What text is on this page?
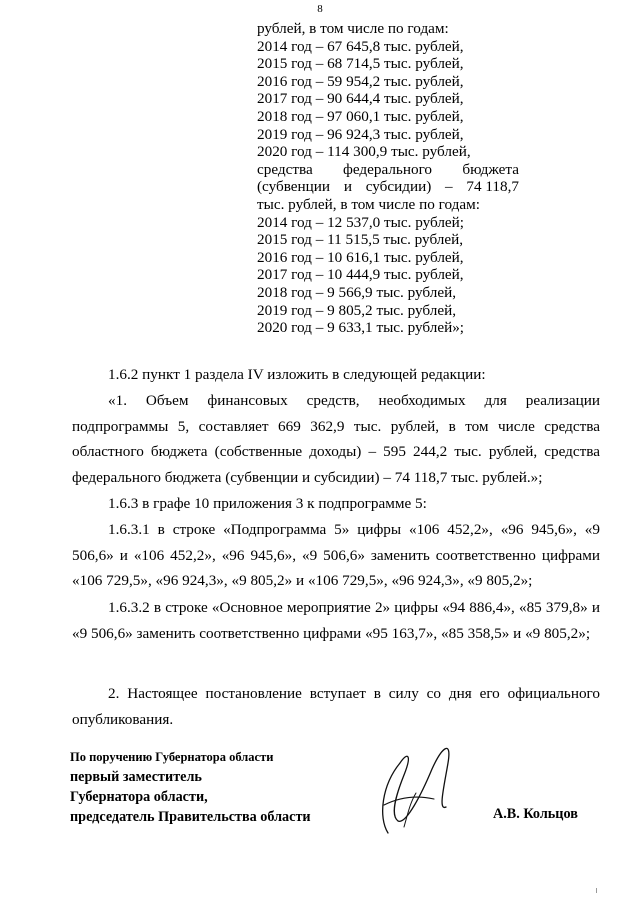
8
рублей, в том числе по годам:
2014 год – 67 645,8 тыс. рублей,
2015 год – 68 714,5 тыс. рублей,
2016 год – 59 954,2 тыс. рублей,
2017 год – 90 644,4 тыс. рублей,
2018 год – 97 060,1 тыс. рублей,
2019 год – 96 924,3 тыс. рублей,
2020 год – 114 300,9 тыс. рублей,
средства федерального бюджета
(субвенции и субсидии) – 74 118,7
тыс. рублей, в том числе по годам:
2014 год – 12 537,0 тыс. рублей;
2015 год – 11 515,5 тыс. рублей,
2016 год – 10 616,1 тыс. рублей,
2017 год – 10 444,9 тыс. рублей,
2018 год – 9 566,9 тыс. рублей,
2019 год – 9 805,2 тыс. рублей,
2020 год – 9 633,1 тыс. рублей»;
1.6.2 пункт 1 раздела IV изложить в следующей редакции:
«1. Объем финансовых средств, необходимых для реализации подпрограммы 5, составляет 669 362,9 тыс. рублей, в том числе средства областного бюджета (собственные доходы) – 595 244,2 тыс. рублей, средства федерального бюджета (субвенции и субсидии) – 74 118,7 тыс. рублей.»;
1.6.3 в графе 10 приложения 3 к подпрограмме 5:
1.6.3.1 в строке «Подпрограмма 5» цифры «106 452,2», «96 945,6», «9 506,6» и «106 452,2», «96 945,6», «9 506,6» заменить соответственно цифрами «106 729,5», «96 924,3», «9 805,2» и «106 729,5», «96 924,3», «9 805,2»;
1.6.3.2 в строке «Основное мероприятие 2» цифры «94 886,4», «85 379,8» и «9 506,6» заменить соответственно цифрами «95 163,7», «85 358,5» и «9 805,2»;
2. Настоящее постановление вступает в силу со дня его официального опубликования.
По поручению Губернатора области
первый заместитель
Губернатора области,
председатель Правительства области	А.В. Кольцов
